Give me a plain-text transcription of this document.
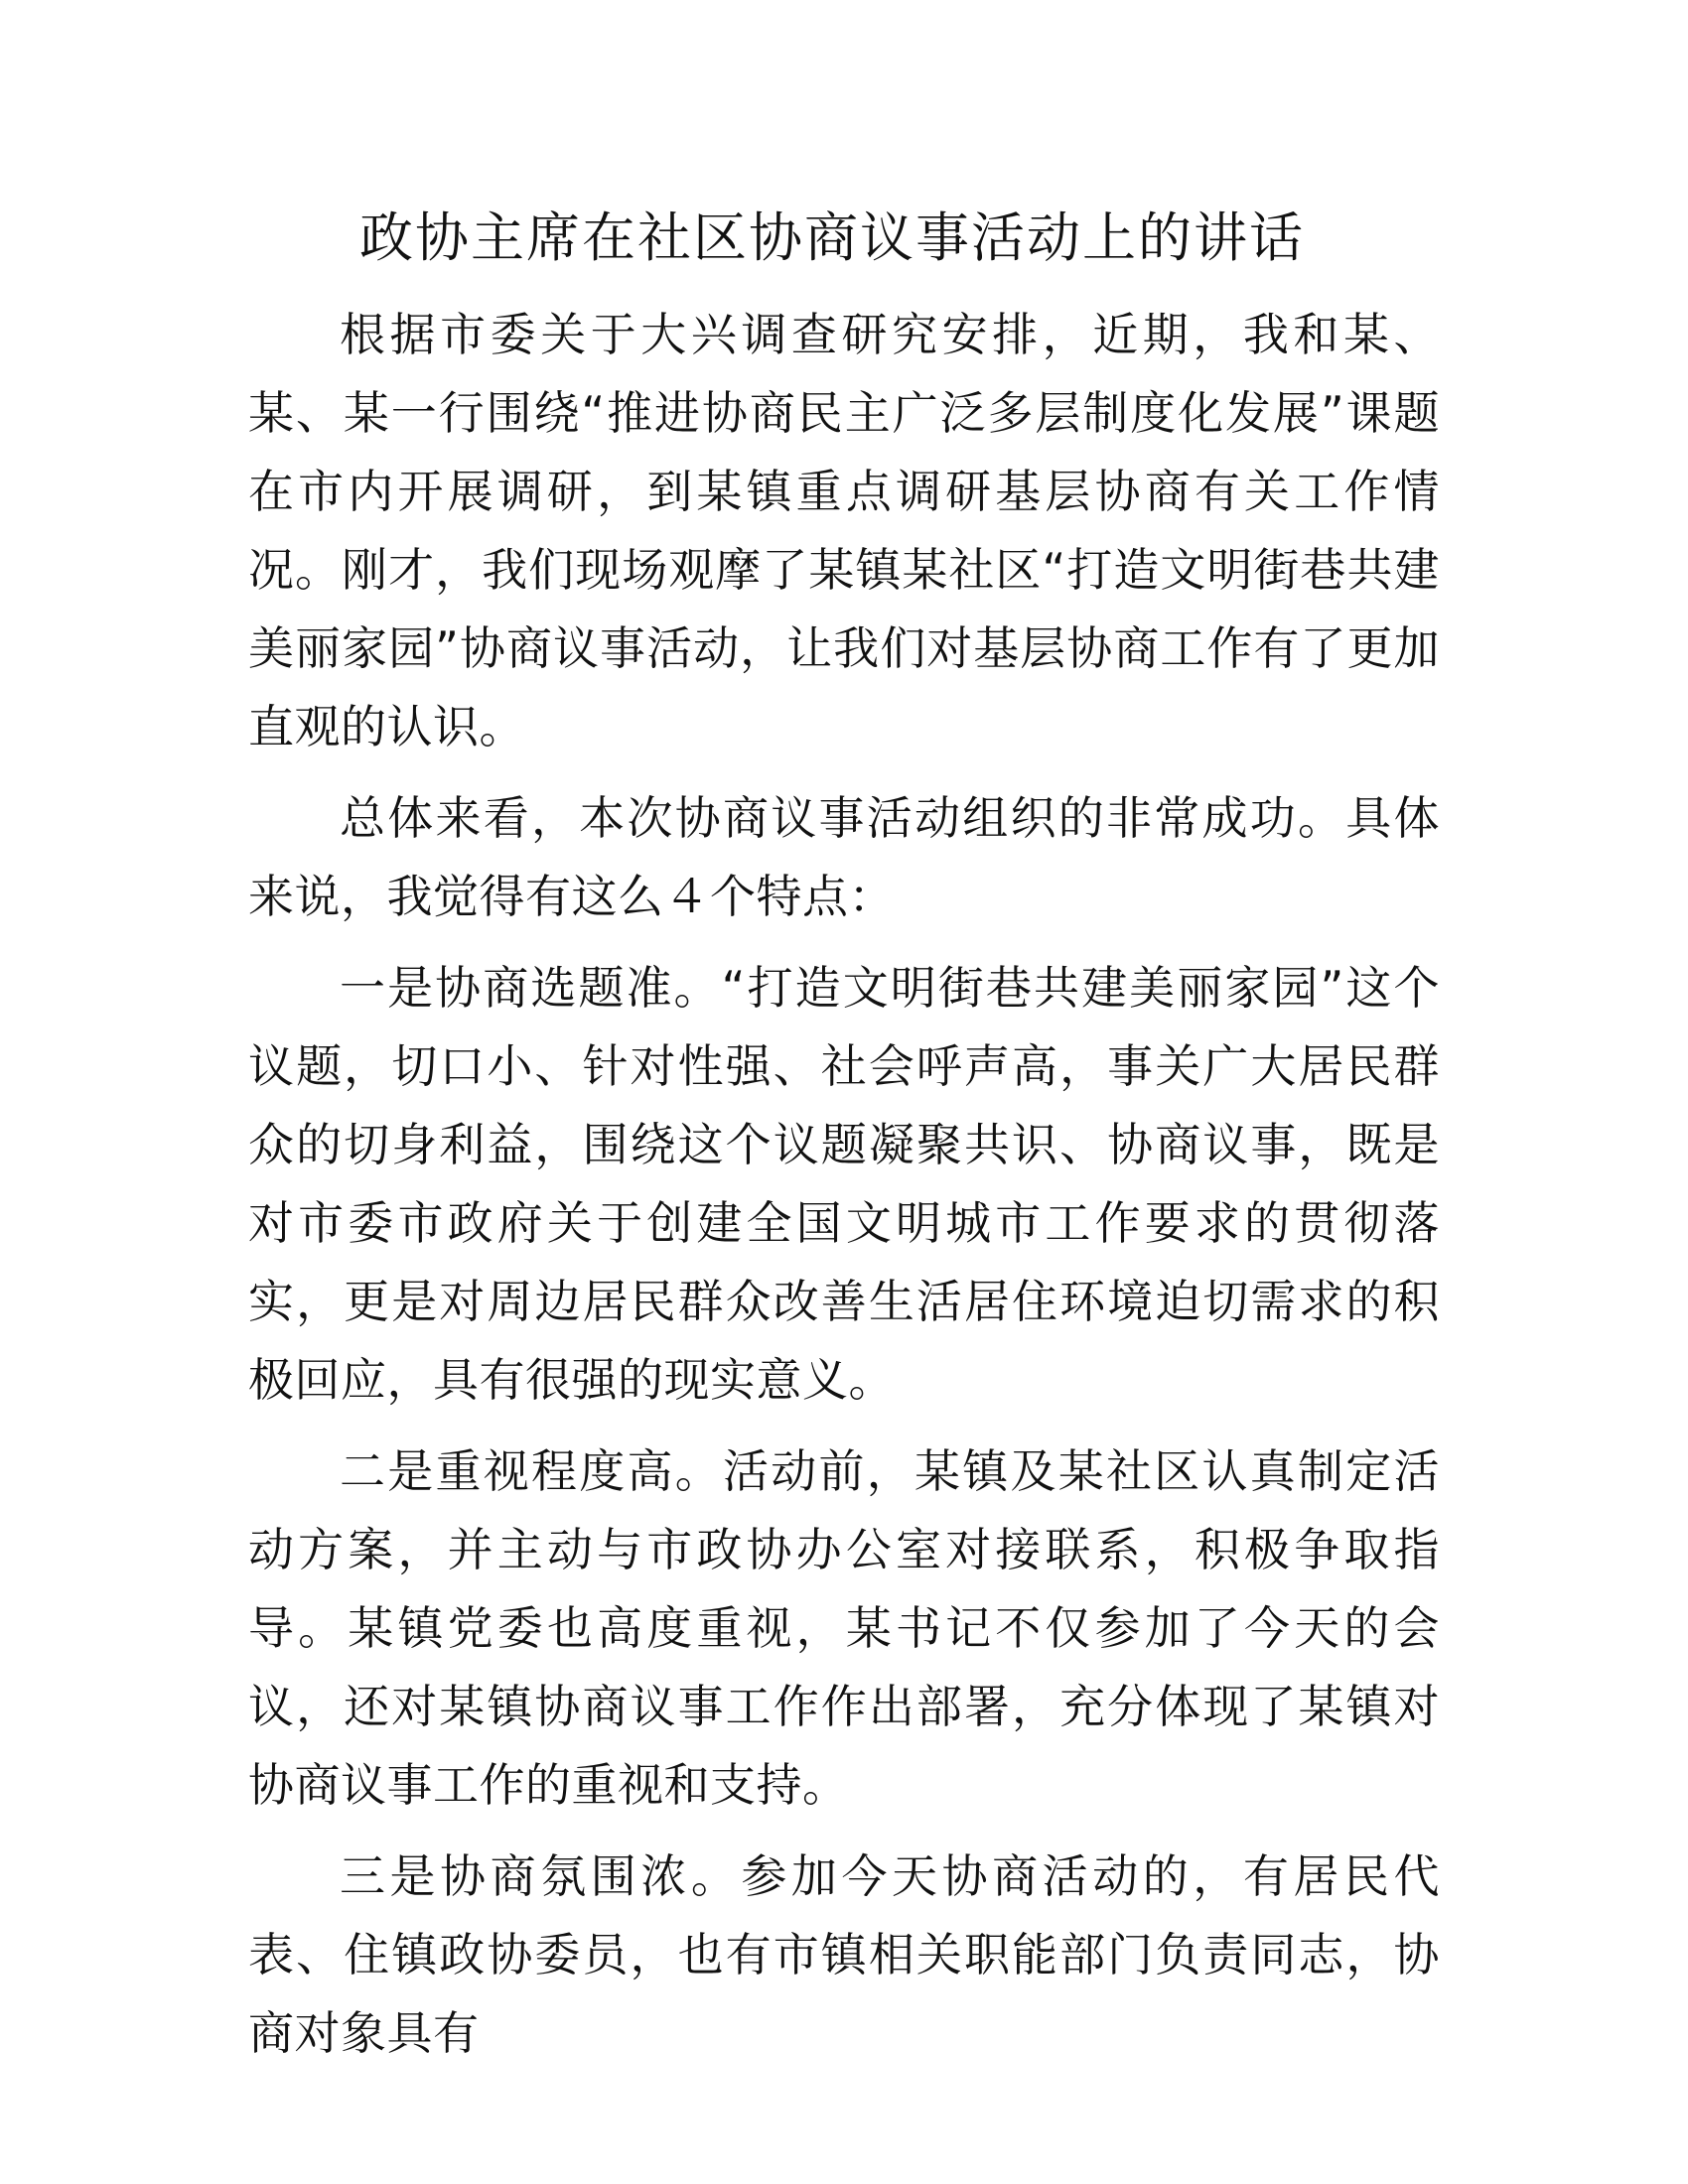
政协主席在社区协商议事活动上的讲话

根据市委关于大兴调查研究安排，近期，我和某、某、某一行围绕“推进协商民主广泛多层制度化发展”课题在市内开展调研，到某镇重点调研基层协商有关工作情况。刚才，我们现场观摩了某镇某社区“打造文明街巷共建美丽家园”协商议事活动，让我们对基层协商工作有了更加直观的认识。

总体来看，本次协商议事活动组织的非常成功。具体来说，我觉得有这么４个特点：

一是协商选题准。“打造文明街巷共建美丽家园”这个议题，切口小、针对性强、社会呼声高，事关广大居民群众的切身利益，围绕这个议题凝聚共识、协商议事，既是对市委市政府关于创建全国文明城市工作要求的贯彻落实，更是对周边居民群众改善生活居住环境迫切需求的积极回应，具有很强的现实意义。

二是重视程度高。活动前，某镇及某社区认真制定活动方案，并主动与市政协办公室对接联系，积极争取指导。某镇党委也高度重视，某书记不仅参加了今天的会议，还对某镇协商议事工作作出部署，充分体现了某镇对协商议事工作的重视和支持。

三是协商氛围浓。参加今天协商活动的，有居民代表、住镇政协委员，也有市镇相关职能部门负责同志，协商对象具有
